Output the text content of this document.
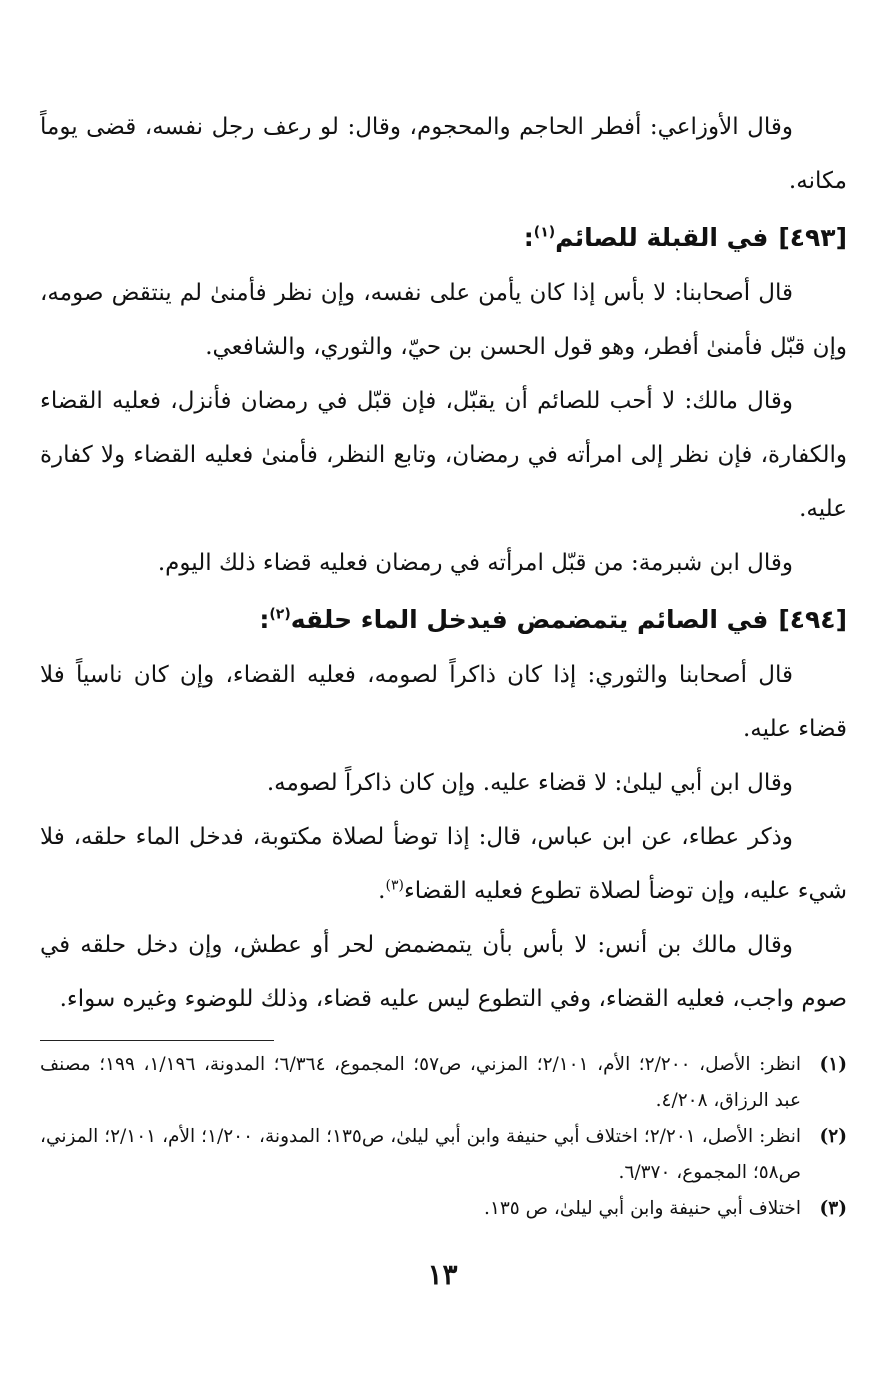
وقال الأوزاعي: أفطر الحاجم والمحجوم، وقال: لو رعف رجل نفسه، قضى يوماً مكانه.

[٤٩٣]في القبلة للصائم$^{(١)}$:

قال أصحابنا: لا بأس إذا كان يأمن على نفسه، وإن نظر فأمنىٰ لم ينتقض صومه، وإن قبّل فأمنىٰ أفطر، وهو قول الحسن بن حيّ، والثوري، والشافعي.

وقال مالك: لا أحب للصائم أن يقبّل، فإن قبّل في رمضان فأنزل، فعليه القضاء والكفارة، فإن نظر إلى امرأته في رمضان، وتابع النظر، فأمنىٰ فعليه القضاء ولا كفارة عليه.

وقال ابن شبرمة: من قبّل امرأته في رمضان فعليه قضاء ذلك اليوم.

[٤٩٤]في الصائم يتمضمض فيدخل الماء حلقه$^{(٢)}$:

قال أصحابنا والثوري: إذا كان ذاكراً لصومه، فعليه القضاء، وإن كان ناسياً فلا قضاء عليه.

وقال ابن أبي ليلىٰ: لا قضاء عليه. وإن كان ذاكراً لصومه.

وذكر عطاء، عن ابن عباس، قال: إذا توضأ لصلاة مكتوبة، فدخل الماء حلقه، فلا شيء عليه، وإن توضأ لصلاة تطوع فعليه القضاء$^{(٣)}$.

وقال مالك بن أنس: لا بأس بأن يتمضمض لحر أو عطش، وإن دخل حلقه في صوم واجب، فعليه القضاء، وفي التطوع ليس عليه قضاء، وذلك للوضوء وغيره سواء.

(١)
انظر: الأصل، ٢/٢٠٠؛ الأم، ٢/١٠١؛ المزني، ص٥٧؛ المجموع، ٦/٣٦٤؛ المدونة، ١/١٩٦، ١٩٩؛ مصنف عبد الرزاق، ٤/٢٠٨.
(٢)
انظر: الأصل، ٢/٢٠١؛ اختلاف أبي حنيفة وابن أبي ليلىٰ، ص١٣٥؛ المدونة، ١/٢٠٠؛ الأم، ٢/١٠١؛ المزني، ص٥٨؛ المجموع، ٦/٣٧٠.
(٣)
اختلاف أبي حنيفة وابن أبي ليلىٰ، ص ١٣٥.
١٣
